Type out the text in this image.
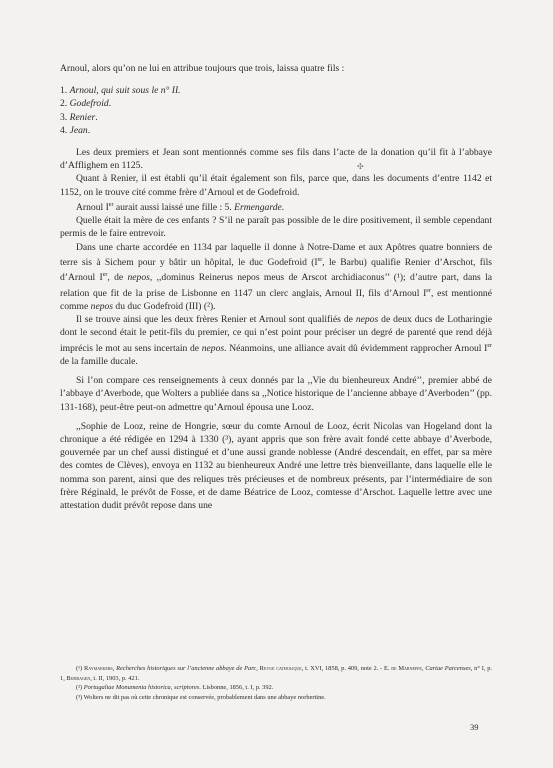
Arnoul, alors qu’on ne lui en attribue toujours que trois, laissa quatre fils :

1. Arnoul, qui suit sous le n° II.
2. Godefroid.
3. Renier.
4. Jean.

Les deux premiers et Jean sont mentionnés comme ses fils dans l’acte de la donation qu’il fit à l’abbaye d’Afflighem en 1125.

Quant à Renier, il est établi qu’il était également son fils, parce que, dans les documents d’entre 1142 et 1152, on le trouve cité comme frère d’Arnoul et de Godefroid.

Arnoul Ier aurait aussi laissé une fille : 5. Ermengarde.

Quelle était la mère de ces enfants ? S’il ne paraît pas possible de le dire positivement, il semble cependant permis de le faire entrevoir.

Dans une charte accordée en 1134 par laquelle il donne à Notre-Dame et aux Apôtres quatre bonniers de terre sis à Sichem pour y bâtir un hôpital, le duc Godefroid (Ier, le Barbu) qualifie Renier d’Arschot, fils d’Arnoul Ier, de nepos, ,,dominus Reinerus nepos meus de Arscot archidiaconus’’ (¹); d’autre part, dans la relation que fit de la prise de Lisbonne en 1147 un clerc anglais, Arnoul II, fils d’Arnoul Ier, est mentionné comme nepos du duc Godefroid (III) (²).

Il se trouve ainsi que les deux frères Renier et Arnoul sont qualifiés de nepos de deux ducs de Lotharingie dont le second était le petit-fils du premier, ce qui n’est point pour préciser un degré de parenté que rend déjà imprécis le mot au sens incertain de nepos. Néanmoins, une alliance avait dû évidemment rapprocher Arnoul Ier de la famille ducale.

Si l’on compare ces renseignements à ceux donnés par la ,,Vie du bienheureux André’’, premier abbé de l’abbaye d’Averbode, que Wolters a publiée dans sa ,,Notice historique de l’ancienne abbaye d’Averboden’’ (pp. 131-168), peut-être peut-on admettre qu’Arnoul épousa une Looz.

,,Sophie de Looz, reine de Hongrie, sœur du comte Arnoul de Looz, écrit Nicolas van Hogeland dont la chronique a été rédigée en 1294 à 1330 (³), ayant appris que son frère avait fondé cette abbaye d’Averbode, gouvernée par un chef aussi distingué et d’une aussi grande noblesse (André descendait, en effet, par sa mère des comtes de Clèves), envoya en 1132 au bienheureux André une lettre très bienveillante, dans laquelle elle le nomma son parent, ainsi que des reliques très précieuses et de nombreux présents, par l’intermédiaire de son frère Réginald, le prévôt de Fosse, et de dame Béatrice de Looz, comtesse d’Arschot. Laquelle lettre avec une attestation dudit prévôt repose dans une

✣

(¹) Raymaekers, Recherches historiques sur l’ancienne abbaye de Parc, Revue catholique, t. XVI, 1858, p. 409, note 2. - E. de Marneffe, Cartae Parcenses, n° I, p. 1, Bijdragen, t. II, 1903, p. 421.

(²) Portugaliae Monumenta historica, scriptores. Lisbonne, 1856, t. I, p. 392.

(³) Wolters ne dit pas où cette chronique est conservée, probablement dans une abbaye norbertine.

39
